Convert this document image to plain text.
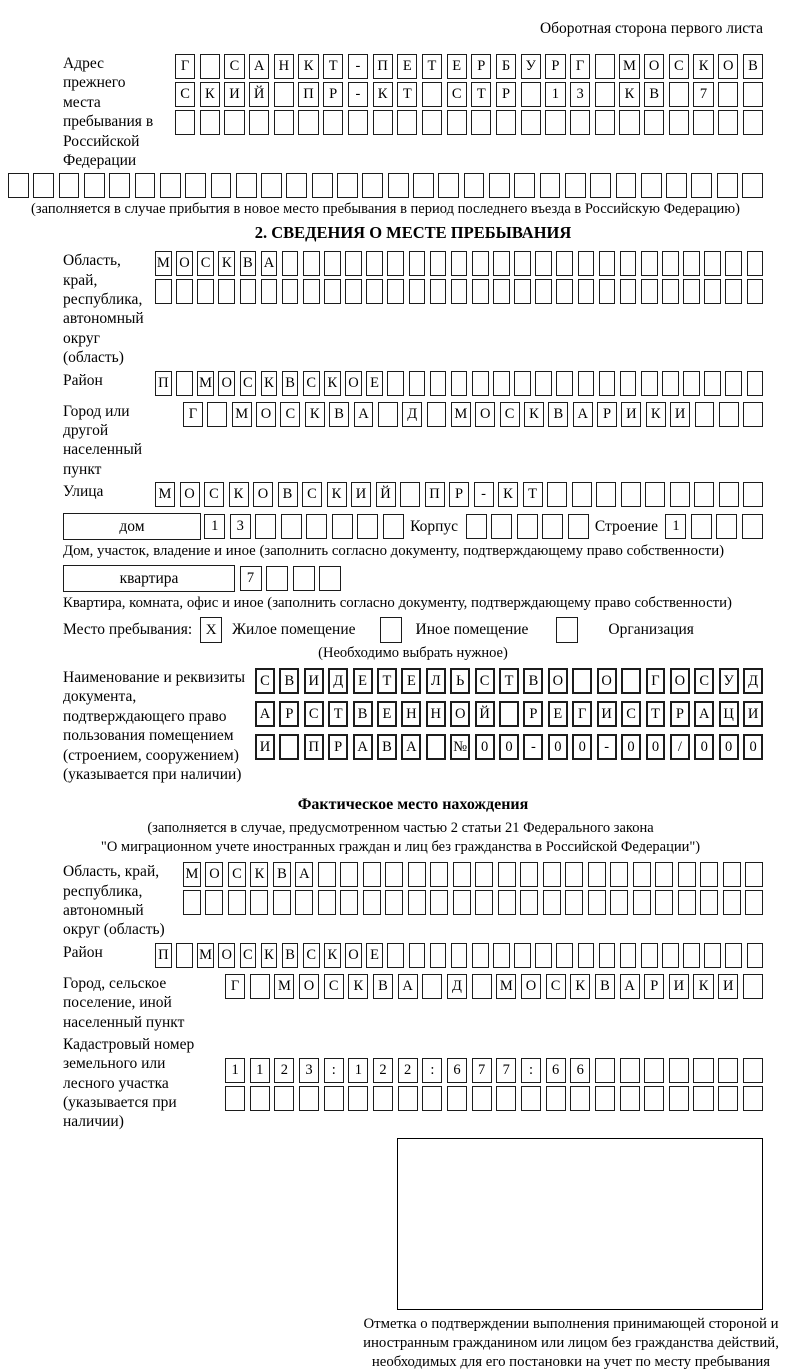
Оборотная сторона первого листа
Адрес прежнего места пребывания в Российской Федерации
Г	С	А Н	К	Т	-	П	Е	Т	Е	Р	Б	У	Р	Г	М О	С	К	О	В
С	К	И Й	П	Р	-	К	Т	С	Т	Р	1	3	К	В	7
(заполняется в случае прибытия в новое место пребывания в период последнего въезда в Российскую Федерацию)
2. СВЕДЕНИЯ О МЕСТЕ ПРЕБЫВАНИЯ
Область, край, республика, автономный округ (область)
М О С К В А
Район	П М О С К В С К О Е
Город или другой населенный пункт
Г	М О С	К	В А	Д	М О С	К	В А	Р	И К И
Улица	М О С	К О В	С	К И Й	П	Р	-	К	Т
дом	1	3	Корпус	Строение 1
Дом, участок, владение и иное (заполнить согласно документу, подтверждающему право собственности)
квартира	7
Квартира, комната, офис и иное (заполнить согласно документу, подтверждающему право собственности)
Место пребывания: X	Жилое помещение	Иное помещение	Организация
(Необходимо выбрать нужное)
Наименование и реквизиты документа, подтверждающего право пользования помещением (строением, сооружением) (указывается при наличии)
С	В И Д	Е	Т	Е	Л	Ь	С	Т	В О	О	Г	О С У Д
А	Р	С	Т	В	Е	Н Н О Й	Р	Е	Г	И С	Т	Р	А Ц И
И	П	Р	А В А	№ 0	0	-	0	0	-	0	0	/	0	0	0
Фактическое место нахождения
(заполняется в случае, предусмотренном частью 2 статьи 21 Федерального закона
"О миграционном учете иностранных граждан и лиц без гражданства в Российской Федерации")
Область, край, республика, автономный округ (область)
М О С К В А
Район	П М О С К В С К О Е
Город, сельское поселение, иной населенный пункт
Г	М О	С	К	В	А	Д	М О	С	К	В	А	Р	И	К	И
Кадастровый номер земельного или лесного участка (указывается при наличии)
1	1	2	3	:	1	2	2	:	6	7	7	:	6	6
Отметка о подтверждении выполнения принимающей стороной и иностранным гражданином или лицом без гражданства действий, необходимых для его постановки на учет по месту пребывания
